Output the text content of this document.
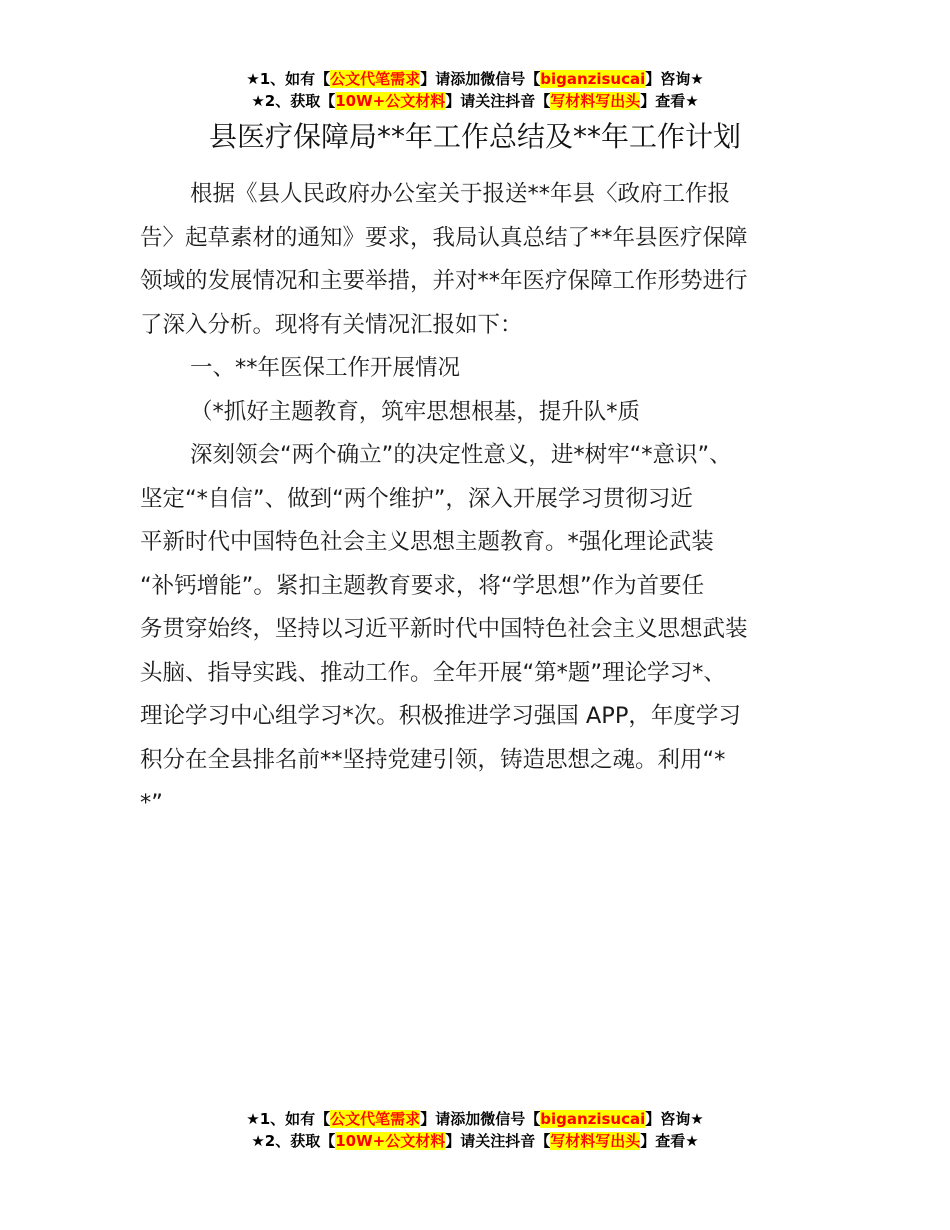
★1、如有【公文代笔需求】请添加微信号【biganzisucai】咨询★
★2、获取【10W+公文材料】请关注抖音【写材料写出头】查看★
县医疗保障局**年工作总结及**年工作计划

根据《县人民政府办公室关于报送**年县〈政府工作报

告〉起草素材的通知》要求，我局认真总结了**年县医疗保障

领域的发展情况和主要举措，并对**年医疗保障工作形势进行

了深入分析。现将有关情况汇报如下：

一、**年医保工作开展情况

（*抓好主题教育，筑牢思想根基，提升队*质

深刻领会“两个确立”的决定性意义，进*树牢“*意识”、

坚定“*自信”、做到“两个维护”，深入开展学习贯彻习近

平新时代中国特色社会主义思想主题教育。*强化理论武装

“补钙增能”。紧扣主题教育要求，将“学思想”作为首要任

务贯穿始终，坚持以习近平新时代中国特色社会主义思想武装

头脑、指导实践、推动工作。全年开展“第*题”理论学习*、

理论学习中心组学习*次。积极推进学习强国 APP，年度学习

积分在全县排名前**坚持党建引领，铸造思想之魂。利用“*

*”

★1、如有【公文代笔需求】请添加微信号【biganzisucai】咨询★
★2、获取【10W+公文材料】请关注抖音【写材料写出头】查看★
